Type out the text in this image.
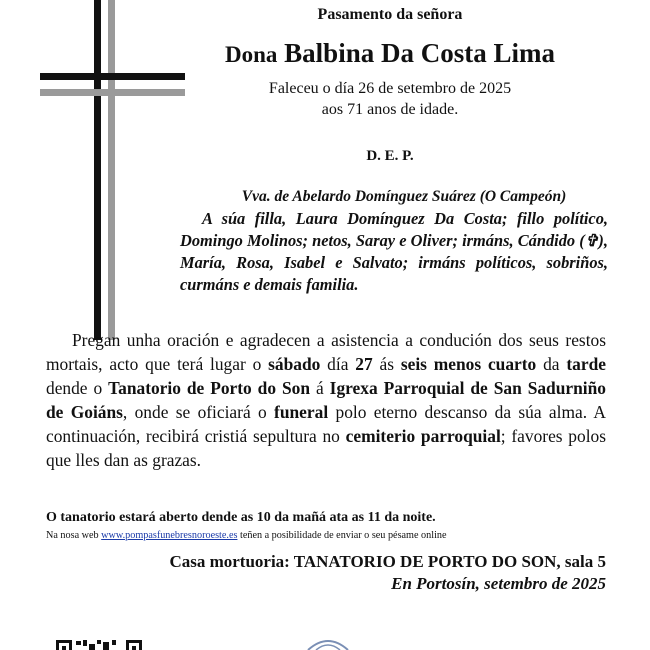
Pasamento da señora
Dona Balbina Da Costa Lima
Faleceu o día 26 de setembro de 2025
aos 71 anos de idade.
D. E. P.
Vva. de Abelardo Domínguez Suárez (O Campeón)
A súa filla, Laura Domínguez Da Costa; fillo político, Domingo Molinos; netos, Saray e Oliver; irmáns, Cándido (✞), María, Rosa, Isabel e Salvato; irmáns políticos, sobriños, curmáns e demais familia.
Pregan unha oración e agradecen a asistencia a condución dos seus restos mortais, acto que terá lugar o sábado día 27 ás seis menos cuarto da tarde dende o Tanatorio de Porto do Son á Igrexa Parroquial de San Sadurniño de Goiáns, onde se oficiará o funeral polo eterno descanso da súa alma. A continuación, recibirá cristiá sepultura no cemiterio parroquial; favores polos que lles dan as grazas.
O tanatorio estará aberto dende as 10 da mañá ata as 11 da noite.
Na nosa web www.pompasfunebresnoroeste.es teñen a posibilidade de enviar o seu pésame online
Casa mortuoria: TANATORIO DE PORTO DO SON, sala 5
En Portosín, setembro de 2025
